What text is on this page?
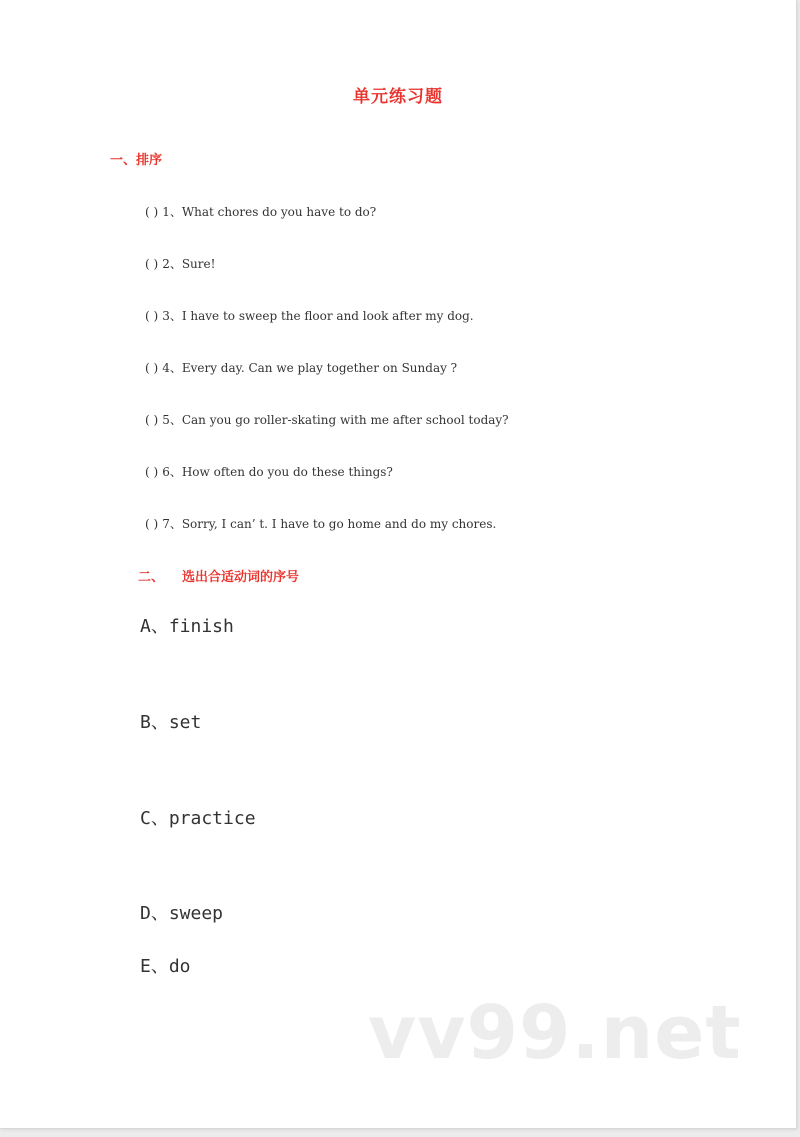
单元练习题
一、排序
( ) 1、What chores do you have to do?
( ) 2、Sure!
( ) 3、I have to sweep the floor and look after my dog.
( ) 4、Every day. Can we play together on Sunday ?
( ) 5、Can you go roller-skating with me after school today?
( ) 6、How often do you do these things?
( ) 7、Sorry, I can’ t. I have to go home and do my chores.
二、 选出合适动词的序号
A、finish
B、set
C、practice
D、sweep
E、do
vv99.net
